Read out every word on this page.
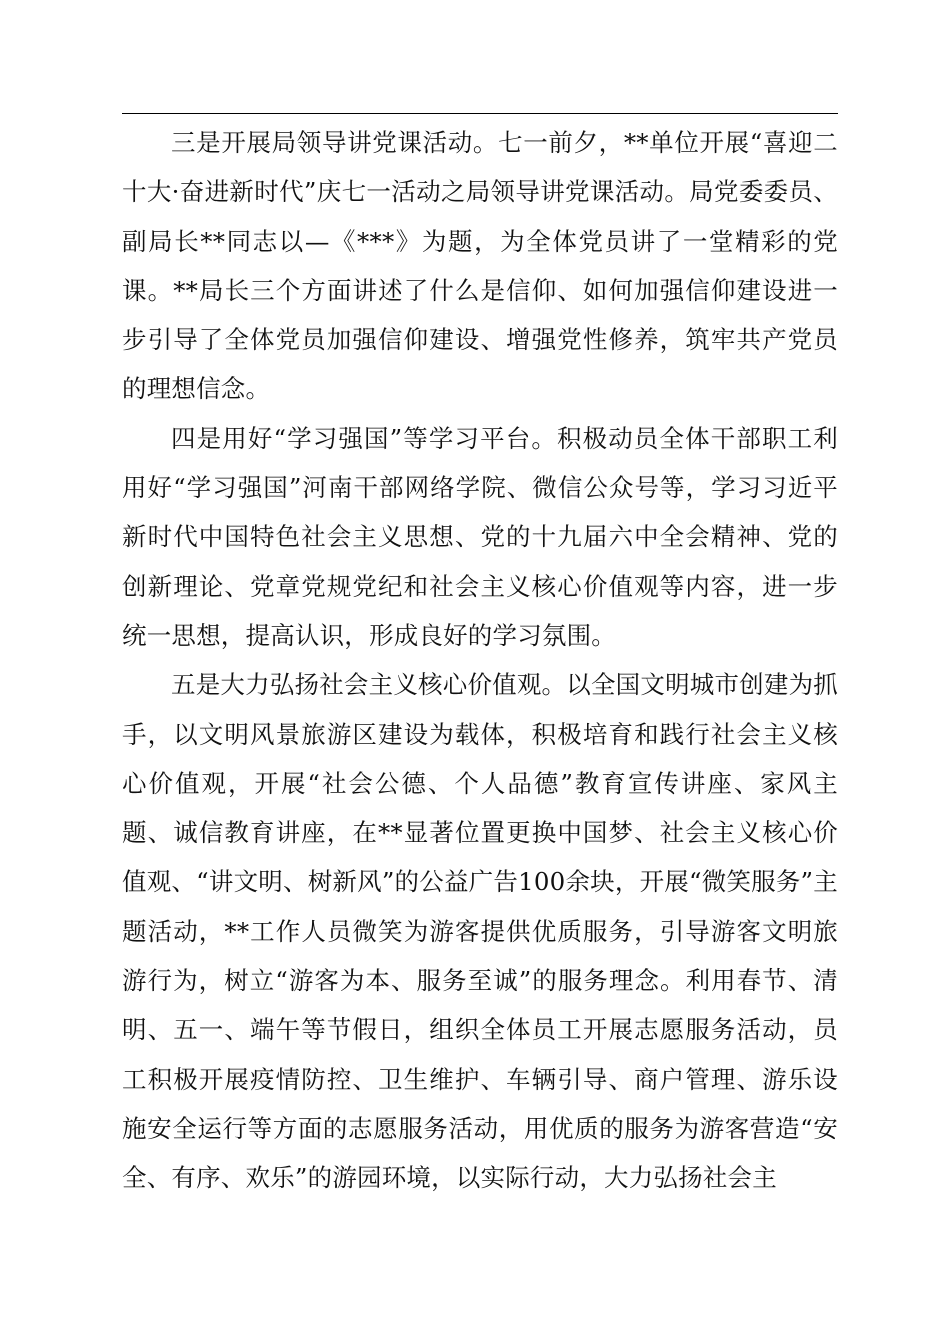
三是开展局领导讲党课活动。七一前夕，**单位开展“喜迎二十大·奋进新时代”庆七一活动之局领导讲党课活动。局党委委员、副局长**同志以—《***》为题，为全体党员讲了一堂精彩的党课。**局长三个方面讲述了什么是信仰、如何加强信仰建设进一步引导了全体党员加强信仰建设、增强党性修养，筑牢共产党员的理想信念。

四是用好“学习强国”等学习平台。积极动员全体干部职工利用好“学习强国”河南干部网络学院、微信公众号等，学习习近平新时代中国特色社会主义思想、党的十九届六中全会精神、党的创新理论、党章党规党纪和社会主义核心价值观等内容，进一步统一思想，提高认识，形成良好的学习氛围。

五是大力弘扬社会主义核心价值观。以全国文明城市创建为抓手，以文明风景旅游区建设为载体，积极培育和践行社会主义核心价值观，开展“社会公德、个人品德”教育宣传讲座、家风主题、诚信教育讲座，在**显著位置更换中国梦、社会主义核心价值观、“讲文明、树新风”的公益广告100余块，开展“微笑服务”主题活动，**工作人员微笑为游客提供优质服务，引导游客文明旅游行为，树立“游客为本、服务至诚”的服务理念。利用春节、清明、五一、端午等节假日，组织全体员工开展志愿服务活动，员工积极开展疫情防控、卫生维护、车辆引导、商户管理、游乐设施安全运行等方面的志愿服务活动，用优质的服务为游客营造“安全、有序、欢乐”的游园环境，以实际行动，大力弘扬社会主
